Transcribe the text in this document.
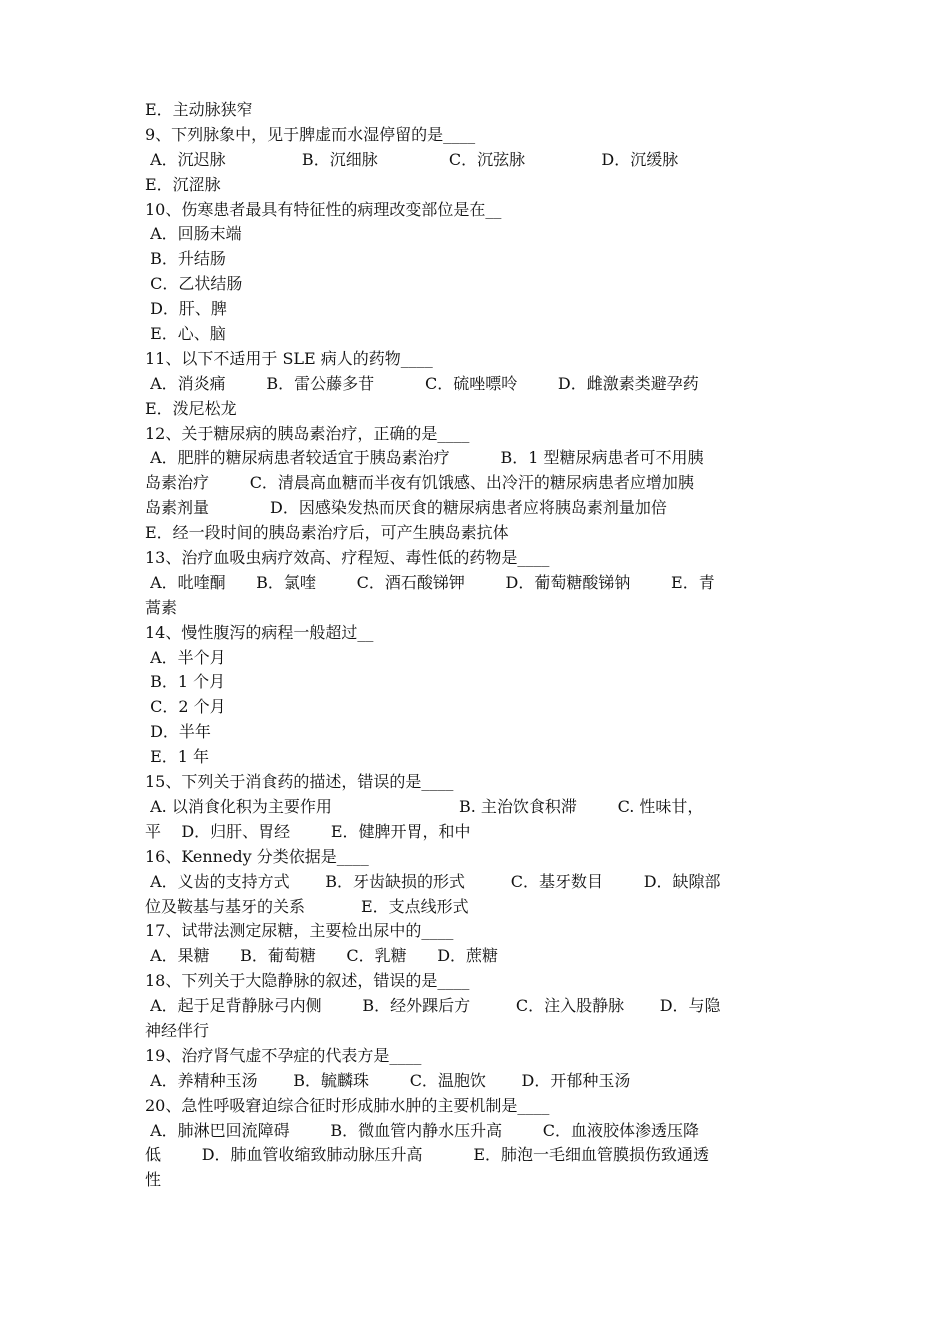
E．主动脉狭窄
9、下列脉象中，见于脾虚而水湿停留的是____
A．沉迟脉               B．沉细脉              C．沉弦脉               D．沉缓脉
E．沉涩脉
10、伤寒患者最具有特征性的病理改变部位是在__
A．回肠末端
B．升结肠
C．乙状结肠
D．肝、脾
E．心、脑
11、以下不适用于 SLE 病人的药物____
A．消炎痛        B．雷公藤多苷          C．硫唑嘌呤        D．雌激素类避孕药
E．泼尼松龙
12、关于糖尿病的胰岛素治疗，正确的是____
A．肥胖的糖尿病患者较适宜于胰岛素治疗          B．1 型糖尿病患者可不用胰
岛素治疗        C．清晨高血糖而半夜有饥饿感、出冷汗的糖尿病患者应增加胰
岛素剂量            D．因感染发热而厌食的糖尿病患者应将胰岛素剂量加倍
E．经一段时间的胰岛素治疗后，可产生胰岛素抗体
13、治疗血吸虫病疗效高、疗程短、毒性低的药物是____
A．吡喹酮      B．氯喹        C．酒石酸锑钾        D．葡萄糖酸锑钠        E．青
蒿素
14、慢性腹泻的病程一般超过__
A．半个月
B．1 个月
C．2 个月
D．半年
E．1 年
15、下列关于消食药的描述，错误的是____
A. 以消食化积为主要作用                         B. 主治饮食积滞        C. 性味甘，
平    D．归肝、胃经        E．健脾开胃，和中
16、Kennedy 分类依据是____
A．义齿的支持方式       B．牙齿缺损的形式         C．基牙数目        D．缺隙部
位及鞍基与基牙的关系           E．支点线形式
17、试带法测定尿糖，主要检出尿中的____
A．果糖      B．葡萄糖      C．乳糖      D．蔗糖
18、下列关于大隐静脉的叙述，错误的是____
A．起于足背静脉弓内侧        B．经外踝后方         C．注入股静脉       D．与隐
神经伴行
19、治疗肾气虚不孕症的代表方是____
A．养精种玉汤       B．毓麟珠        C．温胞饮       D．开郁种玉汤
20、急性呼吸窘迫综合征时形成肺水肿的主要机制是____
A．肺淋巴回流障碍        B．微血管内静水压升高        C．血液胶体渗透压降
低        D．肺血管收缩致肺动脉压升高          E．肺泡一毛细血管膜损伤致通透
性
